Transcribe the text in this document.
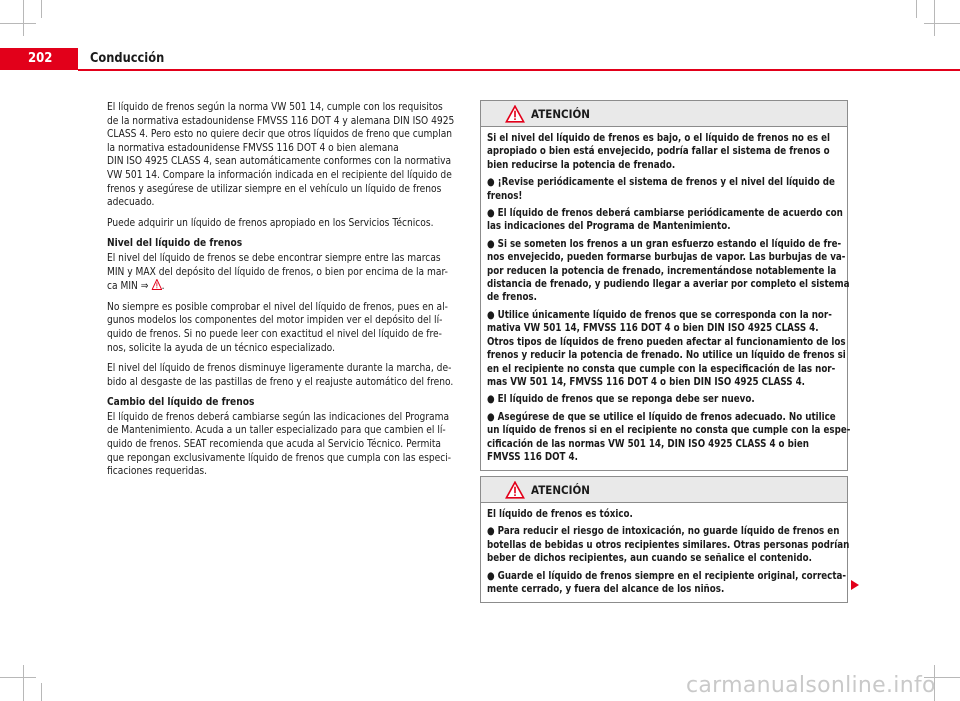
202	Conducción

El líquido de frenos según la norma VW 501 14, cumple con los requisitos
de la normativa estadounidense FMVSS 116 DOT 4 y alemana DIN ISO 4925
CLASS 4. Pero esto no quiere decir que otros líquidos de freno que cumplan
la normativa estadounidense FMVSS 116 DOT 4 o bien alemana
DIN ISO 4925 CLASS 4, sean automáticamente conformes con la normativa
VW 501 14. Compare la información indicada en el recipiente del líquido de
frenos y asegúrese de utilizar siempre en el vehículo un líquido de frenos
adecuado.

Puede adquirir un líquido de frenos apropiado en los Servicios Técnicos.

Nivel del líquido de frenos

El nivel del líquido de frenos se debe encontrar siempre entre las marcas
MIN y MAX del depósito del líquido de frenos, o bien por encima de la mar-
ca MIN ⇒ .

No siempre es posible comprobar el nivel del líquido de frenos, pues en al-
gunos modelos los componentes del motor impiden ver el depósito del lí-
quido de frenos. Si no puede leer con exactitud el nivel del líquido de fre-
nos, solicite la ayuda de un técnico especializado.

El nivel del líquido de frenos disminuye ligeramente durante la marcha, de-
bido al desgaste de las pastillas de freno y el reajuste automático del freno.

Cambio del líquido de frenos

El líquido de frenos deberá cambiarse según las indicaciones del Programa
de Mantenimiento. Acuda a un taller especializado para que cambien el lí-
quido de frenos. SEAT recomienda que acuda al Servicio Técnico. Permita
que repongan exclusivamente líquido de frenos que cumpla con las especi-
ficaciones requeridas.

ATENCIÓN

Si el nivel del líquido de frenos es bajo, o el líquido de frenos no es el
apropiado o bien está envejecido, podría fallar el sistema de frenos o
bien reducirse la potencia de frenado.

● ¡Revise periódicamente el sistema de frenos y el nivel del líquido de
frenos!

● El líquido de frenos deberá cambiarse periódicamente de acuerdo con
las indicaciones del Programa de Mantenimiento.

● Si se someten los frenos a un gran esfuerzo estando el líquido de fre-
nos envejecido, pueden formarse burbujas de vapor. Las burbujas de va-
por reducen la potencia de frenado, incrementándose notablemente la
distancia de frenado, y pudiendo llegar a averiar por completo el sistema
de frenos.

● Utilice únicamente líquido de frenos que se corresponda con la nor-
mativa VW 501 14, FMVSS 116 DOT 4 o bien DIN ISO 4925 CLASS 4.
Otros tipos de líquidos de freno pueden afectar al funcionamiento de los
frenos y reducir la potencia de frenado. No utilice un líquido de frenos si
en el recipiente no consta que cumple con la especificación de las nor-
mas VW 501 14, FMVSS 116 DOT 4 o bien DIN ISO 4925 CLASS 4.

● El líquido de frenos que se reponga debe ser nuevo.

● Asegúrese de que se utilice el líquido de frenos adecuado. No utilice
un líquido de frenos si en el recipiente no consta que cumple con la espe-
cificación de las normas VW 501 14, DIN ISO 4925 CLASS 4 o bien
FMVSS 116 DOT 4.

ATENCIÓN

El líquido de frenos es tóxico.

● Para reducir el riesgo de intoxicación, no guarde líquido de frenos en
botellas de bebidas u otros recipientes similares. Otras personas podrían
beber de dichos recipientes, aun cuando se señalice el contenido.

● Guarde el líquido de frenos siempre en el recipiente original, correcta-
mente cerrado, y fuera del alcance de los niños.

carmanualsonline.info
